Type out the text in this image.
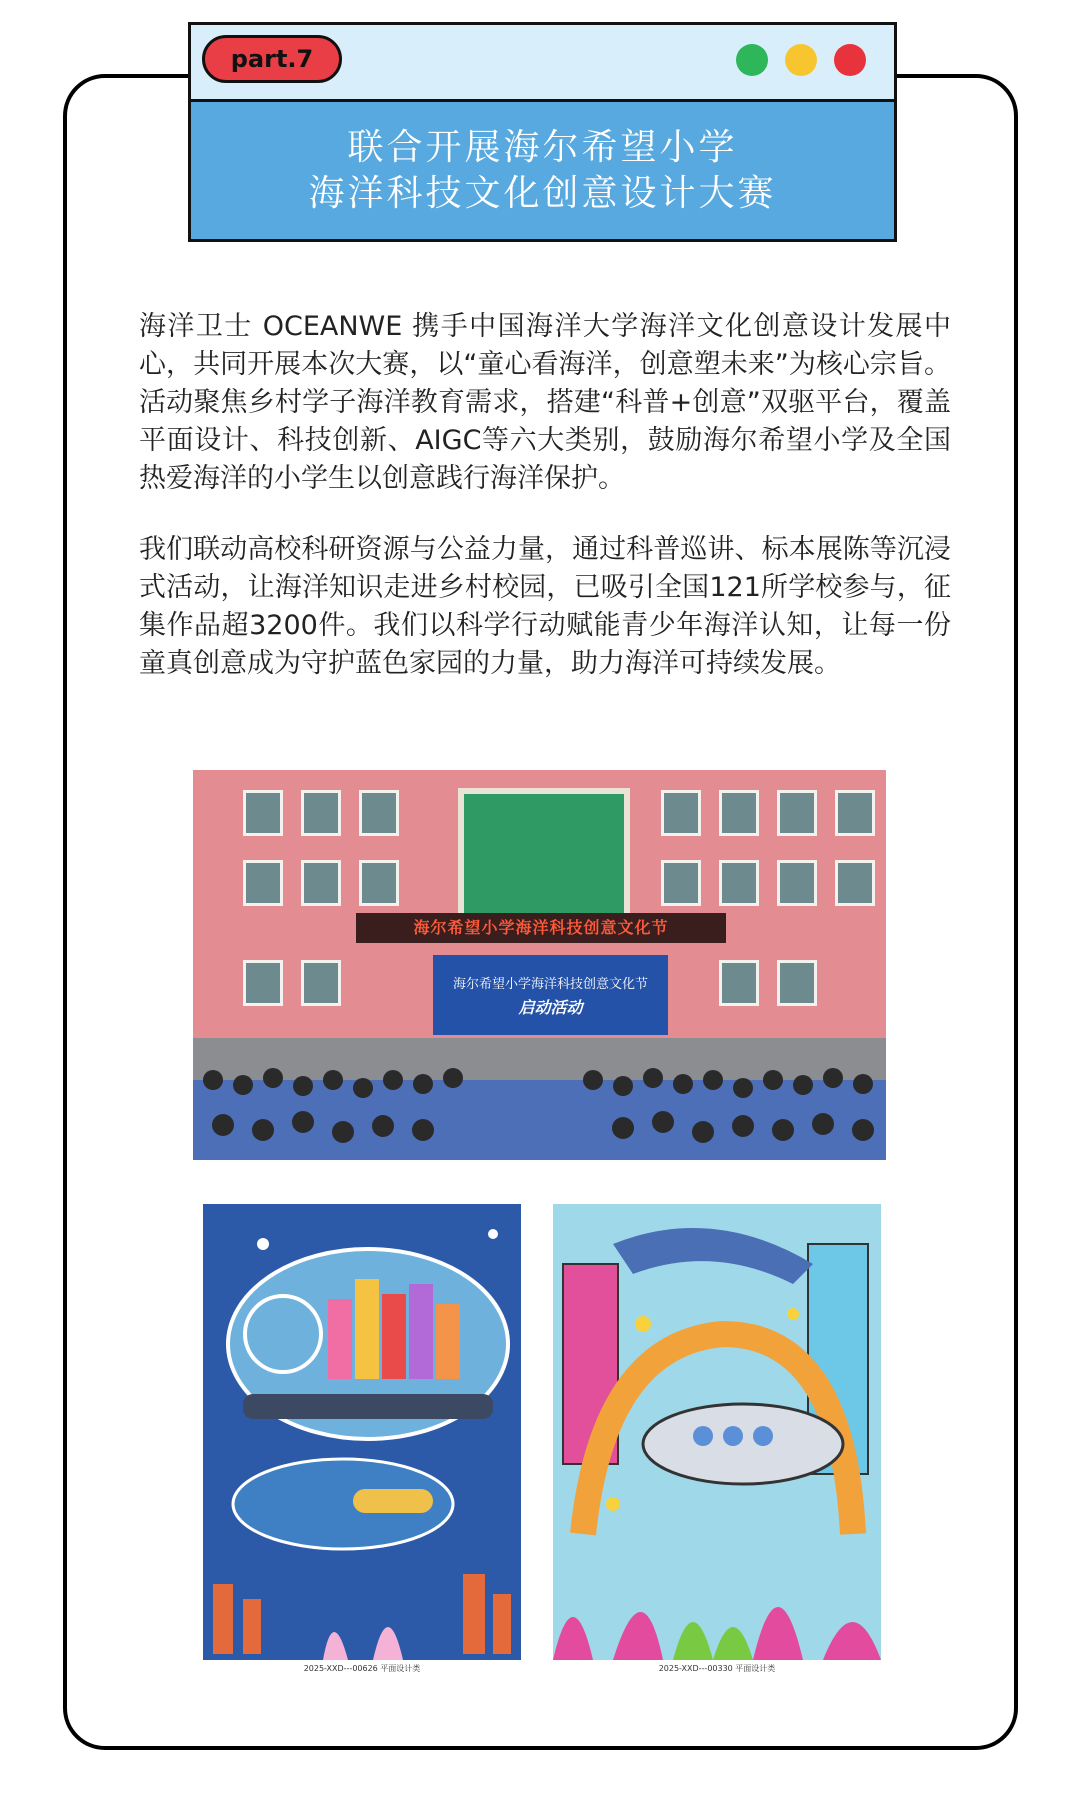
part.7
联合开展海尔希望小学
海洋科技文化创意设计大赛

海洋卫士 OCEANWE 携手中国海洋大学海洋文化创意设计发展中心，共同开展本次大赛，以“童心看海洋，创意塑未来”为核心宗旨。活动聚焦乡村学子海洋教育需求，搭建“科普+创意”双驱平台，覆盖平面设计、科技创新、AIGC等六大类别，鼓励海尔希望小学及全国热爱海洋的小学生以创意践行海洋保护。

我们联动高校科研资源与公益力量，通过科普巡讲、标本展陈等沉浸式活动，让海洋知识走进乡村校园，已吸引全国121所学校参与，征集作品超3200件。我们以科学行动赋能青少年海洋认知，让每一份童真创意成为守护蓝色家园的力量，助力海洋可持续发展。

海尔希望小学海洋科技创意文化节
海尔希望小学海洋科技创意文化节
启动活动
2025-XXD---00626 平面设计类	2025-XXD---00330 平面设计类
